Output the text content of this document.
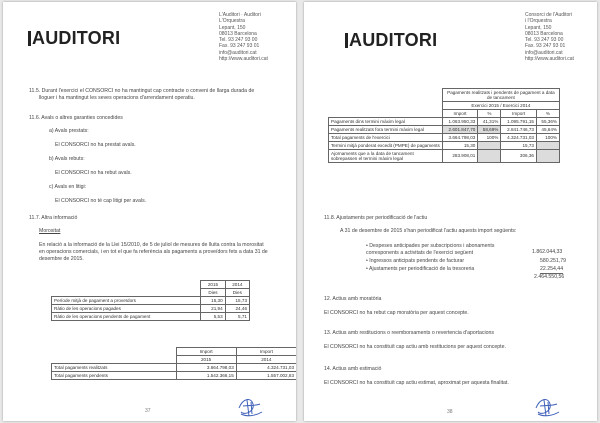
AUDITORI
L'Auditori · Auditori
L'Orquestra
Lepant, 150
08013 Barcelona
Tel. 93 247 93 00
Fax. 93 247 93 01
info@auditori.cat
http://www.auditori.cat
11.5. Durant l'exercici el CONSORCI no ha mantingut cap contracte o conveni de llarga durada de
lloguer i ha mantingut les seves operacions d'arrendament operatiu.
11.6. Avals o altres garanties concedides
a) Avals prestats:
El CONSORCI no ha prestat avals.
b) Avals rebuts:
El CONSORCI no ha rebut avals.
c) Avals en litigi:
El CONSORCI no té cap litigi per avals.
11.7. Altra informació
Morositat
En relació a la informació de la Llei 15/2010, de 5 de juliol de mesures de lluita contra la morositat
en operacions comercials, i en tot el que fa referència als pagaments a proveïdors fets a data 31 de
desembre de 2015.
	2015	2014
	Dies	Dies
Període mitjà de pagament a proveïdors	15,30	15,73
Ràtio de les operacions pagades	21,94	24,46
Ràtio de les operacions pendents de pagament	5,53	5,71
	Import	Import
	2015	2014
Total pagaments realitzats	3.664.798,03	4.324.731,03
Total pagaments pendents	1.542.366,15	1.557.002,83
37
AUDITORI
Consorci de l'Auditori
i l'Orquestra
Lepant, 150
08013 Barcelona
Tel. 93 247 93 00
Fax. 93 247 93 01
info@auditori.cat
http://www.auditori.cat
	Pagaments realitzats i pendents de pagament a data de tancament			
	Exercici 2015 / Exercici 2014			
	Import	%	Import	%
Pagaments dins termini màxim legal	1.063.950,33	41,31%	1.095.791,15	55,36%
Pagaments realitzats fora termini màxim legal	2.601.847,70	58,69%	2.841.746,73	45,64%
Total pagaments de l'exercici	3.664.798,03	100%	4.324.731,03	100%
Termini mitjà ponderat excedit (PMPE) de pagaments	15,30		15,73	
Ajornaments que a la data de tancament sobrepassen el termini màxim legal	283.908,01		306,36	
11.8. Ajustaments per periodificació de l'actiu
A 31 de desembre de 2015 s'han periodificat l'actiu aquests import següents:
• Despeses anticipades per subscripcions i abonaments corresponents a activitats de l'exercici següent	1.862.044,33
• Ingressos anticipats pendents de facturar	580.251,79
• Ajustaments per periodificació de la tresoreria	22.254,44
2.464.550,56
12. Actius amb moratòria
El CONSORCI no ha rebut cap moratòria per aquest concepte.
13. Actius amb restitucions o reemborsaments o revertencia d'aportacions
El CONSORCI no ha constituït cap actiu amb restitucions per aquest concepte.
14. Actius amb estimació
El CONSORCI no ha constituït cap actiu estimat, aproximat per aquesta finalitat.
38
